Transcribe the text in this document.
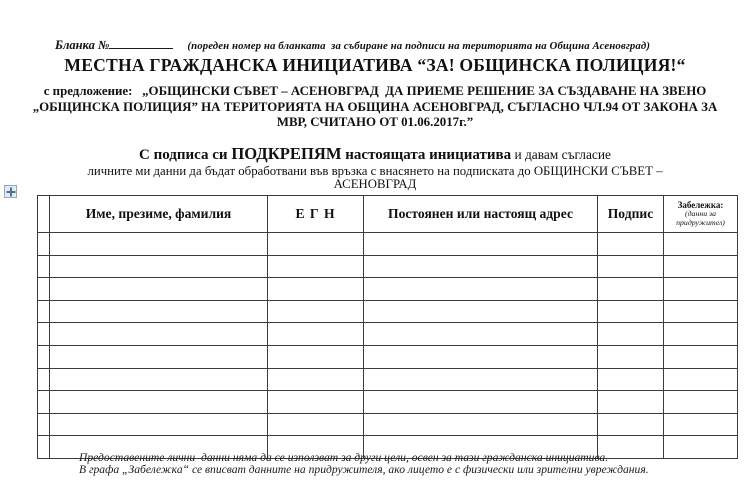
Бланка №	(пореден номер на бланката  за събиране на подписи на територията на Община Асеновград)
МЕСТНА ГРАЖДАНСКА ИНИЦИАТИВА “ЗА! ОБЩИНСКА ПОЛИЦИЯ!“
с предложение:   „ОБЩИНСКИ СЪВЕТ – АСЕНОВГРАД  ДА ПРИЕМЕ РЕШЕНИЕ ЗА СЪЗДАВАНЕ НА ЗВЕНО
„ОБЩИНСКА ПОЛИЦИЯ” НА ТЕРИТОРИЯТА НА ОБЩИНА АСЕНОВГРАД, СЪГЛАСНО ЧЛ.94 ОТ ЗАКОНА ЗА
МВР, СЧИТАНО ОТ 01.06.2017г.”
С подписа си ПОДКРЕПЯМ настоящата инициатива и давам съгласие
личните ми данни да бъдат обработвани във връзка с внасянето на подписката до ОБЩИНСКИ СЪВЕТ –
АСЕНОВГРАД
	Име, презиме, фамилия	Е Г Н	Постоянен или настоящ адрес	Подпис	Забележка:
(данни за придружител)

Предоставените лични  данни няма да се използват за други цели, освен за тази гражданска инициатива.
В графа „Забележка“ се вписват данните на придружителя, ако лицето е с физически или зрителни увреждания.
